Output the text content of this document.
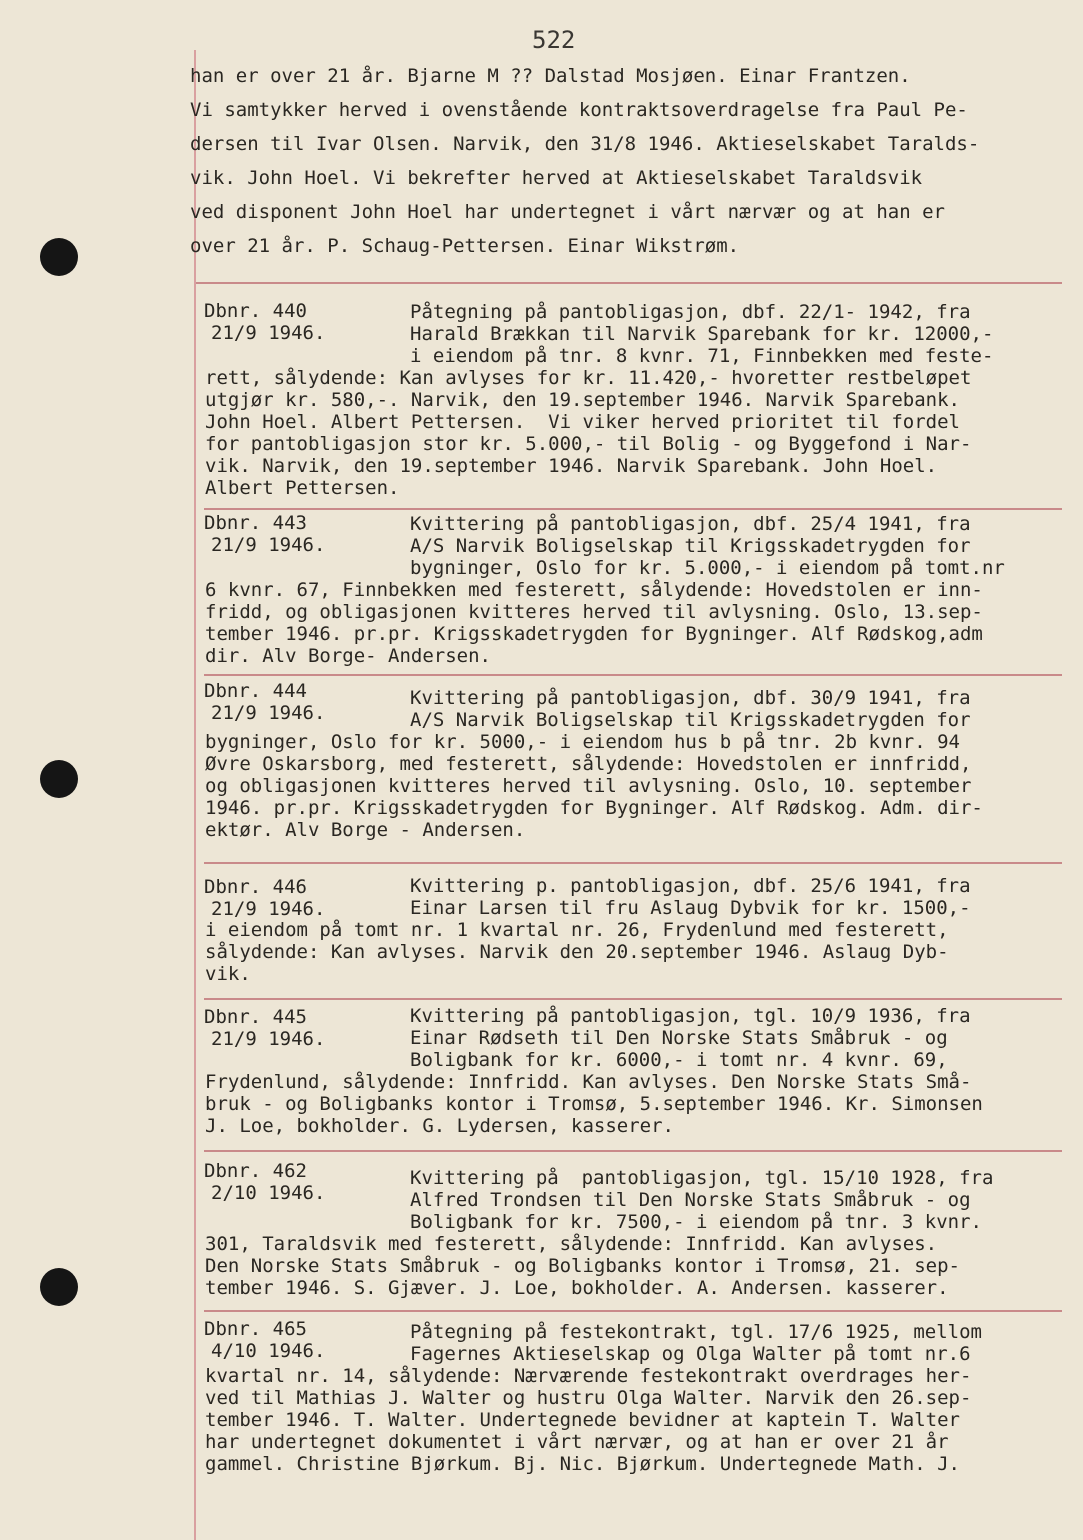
522
han er over 21 år. Bjarne M ?? Dalstad Mosjøen. Einar Frantzen.
Vi samtykker herved i ovenstående kontraktsoverdragelse fra Paul Pe-
dersen til Ivar Olsen. Narvik, den 31/8 1946. Aktieselskabet Taralds-
vik. John Hoel. Vi bekrefter herved at Aktieselskabet Taraldsvik
ved disponent John Hoel har undertegnet i vårt nærvær og at han er
over 21 år. P. Schaug-Pettersen. Einar Wikstrøm.
Dbnr. 440
21/9 1946.
Påtegning på pantobligasjon, dbf. 22/1- 1942, fra
Harald Brækkan til Narvik Sparebank for kr. 12000,-
i eiendom på tnr. 8 kvnr. 71, Finnbekken med feste-
rett, sålydende: Kan avlyses for kr. 11.420,- hvoretter restbeløpet
utgjør kr. 580,-. Narvik, den 19.september 1946. Narvik Sparebank.
John Hoel. Albert Pettersen.  Vi viker herved prioritet til fordel
for pantobligasjon stor kr. 5.000,- til Bolig - og Byggefond i Nar-
vik. Narvik, den 19.september 1946. Narvik Sparebank. John Hoel.
Albert Pettersen.
Dbnr. 443
21/9 1946.
Kvittering på pantobligasjon, dbf. 25/4 1941, fra
A/S Narvik Boligselskap til Krigsskadetrygden for
bygninger, Oslo for kr. 5.000,- i eiendom på tomt.nr
6 kvnr. 67, Finnbekken med festerett, sålydende: Hovedstolen er inn-
fridd, og obligasjonen kvitteres herved til avlysning. Oslo, 13.sep-
tember 1946. pr.pr. Krigsskadetrygden for Bygninger. Alf Rødskog,adm
dir. Alv Borge- Andersen.
Dbnr. 444
21/9 1946.
Kvittering på pantobligasjon, dbf. 30/9 1941, fra
A/S Narvik Boligselskap til Krigsskadetrygden for
bygninger, Oslo for kr. 5000,- i eiendom hus b på tnr. 2b kvnr. 94
Øvre Oskarsborg, med festerett, sålydende: Hovedstolen er innfridd,
og obligasjonen kvitteres herved til avlysning. Oslo, 10. september
1946. pr.pr. Krigsskadetrygden for Bygninger. Alf Rødskog. Adm. dir-
ektør. Alv Borge - Andersen.
Dbnr. 446
21/9 1946.
Kvittering p. pantobligasjon, dbf. 25/6 1941, fra
Einar Larsen til fru Aslaug Dybvik for kr. 1500,-
i eiendom på tomt nr. 1 kvartal nr. 26, Frydenlund med festerett,
sålydende: Kan avlyses. Narvik den 20.september 1946. Aslaug Dyb-
vik.
Dbnr. 445
21/9 1946.
Kvittering på pantobligasjon, tgl. 10/9 1936, fra
Einar Rødseth til Den Norske Stats Småbruk - og
Boligbank for kr. 6000,- i tomt nr. 4 kvnr. 69,
Frydenlund, sålydende: Innfridd. Kan avlyses. Den Norske Stats Små-
bruk - og Boligbanks kontor i Tromsø, 5.september 1946. Kr. Simonsen
J. Loe, bokholder. G. Lydersen, kasserer.
Dbnr. 462
2/10 1946.
Kvittering på  pantobligasjon, tgl. 15/10 1928, fra
Alfred Trondsen til Den Norske Stats Småbruk - og
Boligbank for kr. 7500,- i eiendom på tnr. 3 kvnr.
301, Taraldsvik med festerett, sålydende: Innfridd. Kan avlyses.
Den Norske Stats Småbruk - og Boligbanks kontor i Tromsø, 21. sep-
tember 1946. S. Gjæver. J. Loe, bokholder. A. Andersen. kasserer.
Dbnr. 465
4/10 1946.
Påtegning på festekontrakt, tgl. 17/6 1925, mellom
Fagernes Aktieselskap og Olga Walter på tomt nr.6
kvartal nr. 14, sålydende: Nærværende festekontrakt overdrages her-
ved til Mathias J. Walter og hustru Olga Walter. Narvik den 26.sep-
tember 1946. T. Walter. Undertegnede bevidner at kaptein T. Walter
har undertegnet dokumentet i vårt nærvær, og at han er over 21 år
gammel. Christine Bjørkum. Bj. Nic. Bjørkum. Undertegnede Math. J.
